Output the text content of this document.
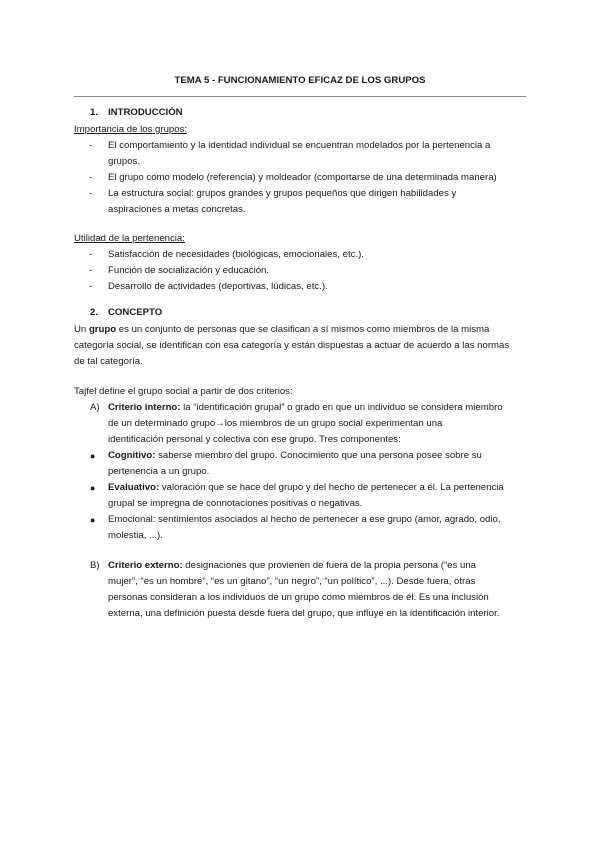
TEMA 5 - FUNCIONAMIENTO EFICAZ DE LOS GRUPOS
1. INTRODUCCIÓN
Importancia de los grupos:
- El comportamiento y la identidad individual se encuentran modelados por la pertenencia a
grupos.
- El grupo como modelo (referencia) y moldeador (comportarse de una determinada manera)
- La estructura social: grupos grandes y grupos pequeños que dirigen habilidades y
aspiraciones a metas concretas.
Utilidad de la pertenencia:
- Satisfacción de necesidades (biológicas, emocionales, etc.).
- Función de socialización y educación.
- Desarrollo de actividades (deportivas, lúdicas, etc.).
2. CONCEPTO
Un grupo es un conjunto de personas que se clasifican a sí mismos como miembros de la misma
categoría social, se identifican con esa categoría y están dispuestas a actuar de acuerdo a las normas
de tal categoría.
Tajfel define el grupo social a partir de dos criterios:
A) Criterio interno: la “identificación grupal” o grado en que un individuo se considera miembro
de un determinado grupo→los miembros de un grupo social experimentan una
identificación personal y colectiva con ese grupo. Tres componentes:
● Cognitivo: saberse miembro del grupo. Conocimiento que una persona posee sobre su
pertenencia a un grupo.
● Evaluativo: valoración que se hace del grupo y del hecho de pertenecer a él. La pertenencia
grupal se impregna de connotaciones positivas o negativas.
● Emocional: sentimientos asociados al hecho de pertenecer a ese grupo (amor, agrado, odio,
molestia, ...).
B) Criterio externo: designaciones que provienen de fuera de la propia persona (“es una
mujer”, “es un hombre”, “es un gitano”, “un negro”, “un político”, ...). Desde fuera, otras
personas consideran a los individuos de un grupo como miembros de él. Es una inclusión
externa, una definición puesta desde fuera del grupo, que influye en la identificación interior.
